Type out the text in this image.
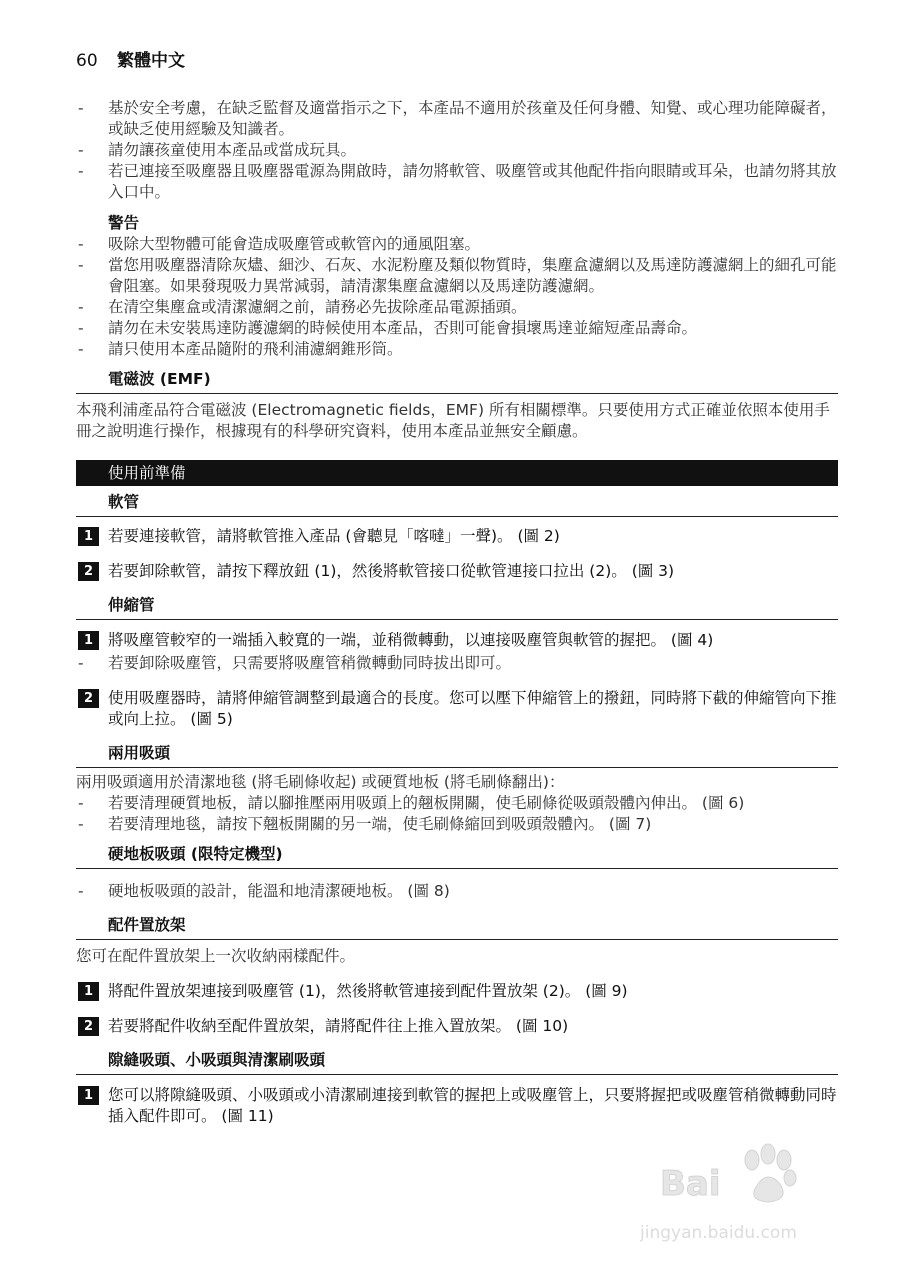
60 繁體中文
- 基於安全考慮，在缺乏監督及適當指示之下，本產品不適用於孩童及任何身體、知覺、或心理功能障礙者，或缺乏使用經驗及知識者。
- 請勿讓孩童使用本產品或當成玩具。
- 若已連接至吸塵器且吸塵器電源為開啟時，請勿將軟管、吸塵管或其他配件指向眼睛或耳朵，也請勿將其放入口中。
警告
- 吸除大型物體可能會造成吸塵管或軟管內的通風阻塞。
- 當您用吸塵器清除灰燼、細沙、石灰、水泥粉塵及類似物質時，集塵盒濾網以及馬達防護濾網上的細孔可能會阻塞。如果發現吸力異常減弱，請清潔集塵盒濾網以及馬達防護濾網。
- 在清空集塵盒或清潔濾網之前，請務必先拔除產品電源插頭。
- 請勿在未安裝馬達防護濾網的時候使用本產品，否則可能會損壞馬達並縮短產品壽命。
- 請只使用本產品隨附的飛利浦濾網錐形筒。
電磁波 (EMF)
本飛利浦產品符合電磁波 (Electromagnetic fields，EMF) 所有相關標準。只要使用方式正確並依照本使用手冊之說明進行操作，根據現有的科學研究資料，使用本產品並無安全顧慮。
使用前準備
軟管
1 若要連接軟管，請將軟管推入產品 (會聽見「喀噠」一聲)。 (圖 2)
2 若要卸除軟管，請按下釋放鈕 (1)，然後將軟管接口從軟管連接口拉出 (2)。 (圖 3)
伸縮管
1 將吸塵管較窄的一端插入較寬的一端，並稍微轉動，以連接吸塵管與軟管的握把。 (圖 4)
- 若要卸除吸塵管，只需要將吸塵管稍微轉動同時拔出即可。
2 使用吸塵器時，請將伸縮管調整到最適合的長度。您可以壓下伸縮管上的撥鈕，同時將下截的伸縮管向下推或向上拉。 (圖 5)
兩用吸頭
兩用吸頭適用於清潔地毯 (將毛刷條收起) 或硬質地板 (將毛刷條翻出)：
- 若要清理硬質地板，請以腳推壓兩用吸頭上的翹板開關，使毛刷條從吸頭殼體內伸出。 (圖 6)
- 若要清理地毯，請按下翹板開關的另一端，使毛刷條縮回到吸頭殼體內。 (圖 7)
硬地板吸頭 (限特定機型)
- 硬地板吸頭的設計，能溫和地清潔硬地板。 (圖 8)
配件置放架
您可在配件置放架上一次收納兩樣配件。
1 將配件置放架連接到吸塵管 (1)，然後將軟管連接到配件置放架 (2)。 (圖 9)
2 若要將配件收納至配件置放架，請將配件往上推入置放架。 (圖 10)
隙縫吸頭、小吸頭與清潔刷吸頭
1 您可以將隙縫吸頭、小吸頭或小清潔刷連接到軟管的握把上或吸塵管上，只要將握把或吸塵管稍微轉動同時插入配件即可。 (圖 11)
Bai
jingyan.baidu.com
